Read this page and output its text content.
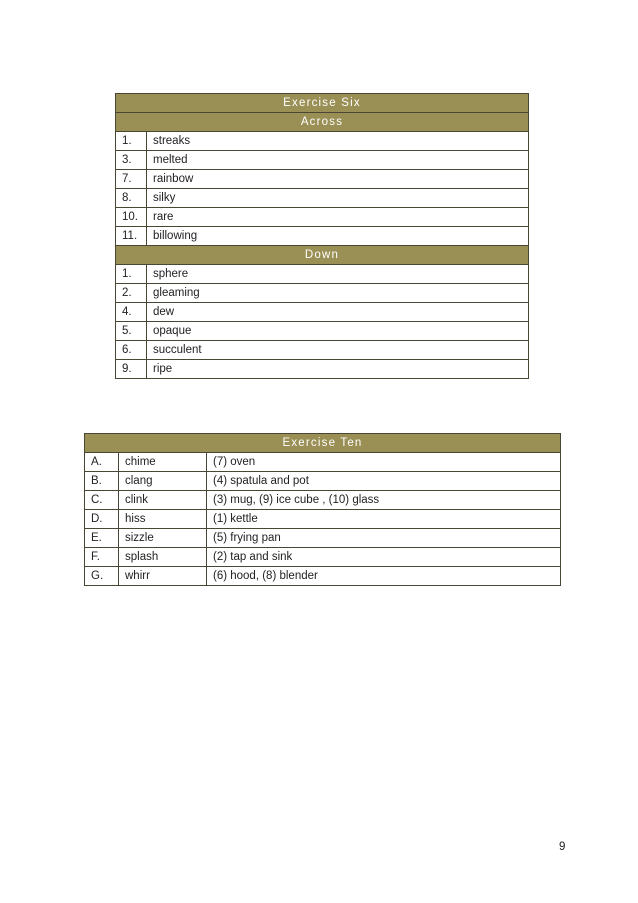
Exercise Six	
Across	
1.	streaks
3.	melted
7.	rainbow
8.	silky
10.	rare
11.	billowing
Down	
1.	sphere
2.	gleaming
4.	dew
5.	opaque
6.	succulent
9.	ripe
Exercise Ten		
A.	chime	(7) oven
B.	clang	(4) spatula and pot
C.	clink	(3) mug, (9) ice cube , (10) glass
D.	hiss	(1) kettle
E.	sizzle	(5) frying pan
F.	splash	(2) tap and sink
G.	whirr	(6) hood, (8) blender
9
